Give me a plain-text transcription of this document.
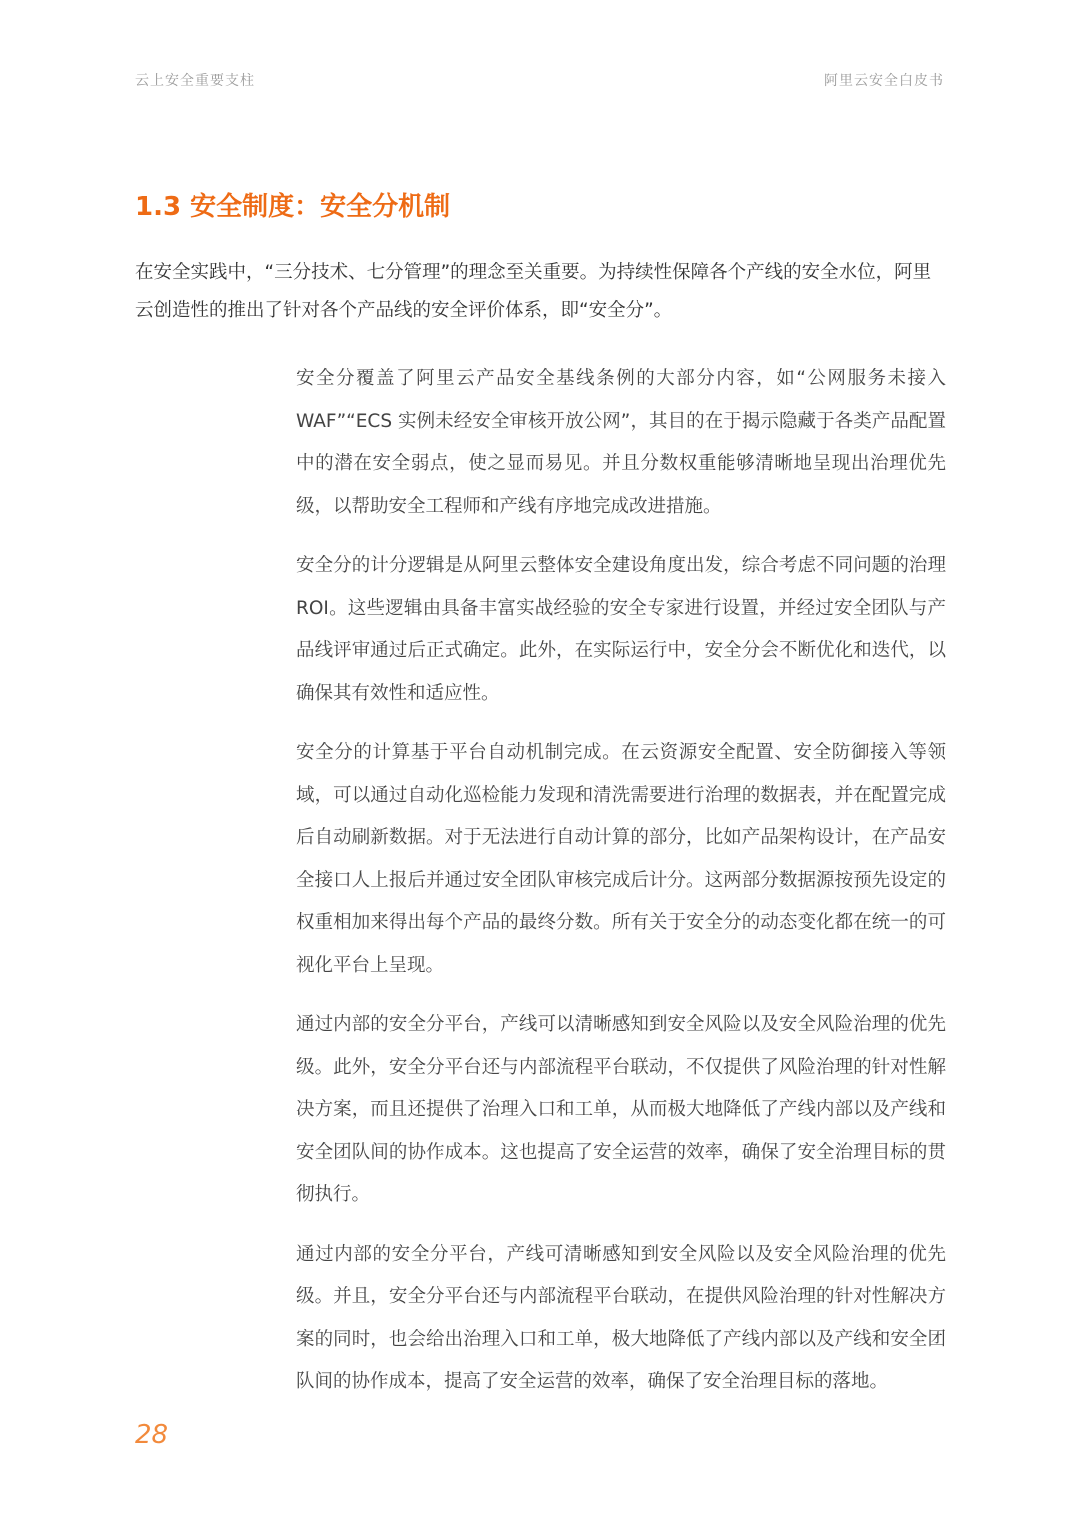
云上安全重要支柱	阿里云安全白皮书
1.3 安全制度：安全分机制

在安全实践中，“三分技术、七分管理”的理念至关重要。为持续性保障各个产线的安全水位，阿里云创造性的推出了针对各个产品线的安全评价体系，即“安全分”。

安全分覆盖了阿里云产品安全基线条例的大部分内容，如“公网服务未接入WAF”“ECS 实例未经安全审核开放公网”，其目的在于揭示隐藏于各类产品配置中的潜在安全弱点，使之显而易见。并且分数权重能够清晰地呈现出治理优先级，以帮助安全工程师和产线有序地完成改进措施。

安全分的计分逻辑是从阿里云整体安全建设角度出发，综合考虑不同问题的治理 ROI。这些逻辑由具备丰富实战经验的安全专家进行设置，并经过安全团队与产品线评审通过后正式确定。此外，在实际运行中，安全分会不断优化和迭代，以确保其有效性和适应性。

安全分的计算基于平台自动机制完成。在云资源安全配置、安全防御接入等领域，可以通过自动化巡检能力发现和清洗需要进行治理的数据表，并在配置完成后自动刷新数据。对于无法进行自动计算的部分，比如产品架构设计，在产品安全接口人上报后并通过安全团队审核完成后计分。这两部分数据源按预先设定的权重相加来得出每个产品的最终分数。所有关于安全分的动态变化都在统一的可视化平台上呈现。

通过内部的安全分平台，产线可以清晰感知到安全风险以及安全风险治理的优先级。此外，安全分平台还与内部流程平台联动，不仅提供了风险治理的针对性解决方案，而且还提供了治理入口和工单，从而极大地降低了产线内部以及产线和安全团队间的协作成本。这也提高了安全运营的效率，确保了安全治理目标的贯彻执行。

通过内部的安全分平台，产线可清晰感知到安全风险以及安全风险治理的优先级。并且，安全分平台还与内部流程平台联动，在提供风险治理的针对性解决方案的同时，也会给出治理入口和工单，极大地降低了产线内部以及产线和安全团队间的协作成本，提高了安全运营的效率，确保了安全治理目标的落地。

28
